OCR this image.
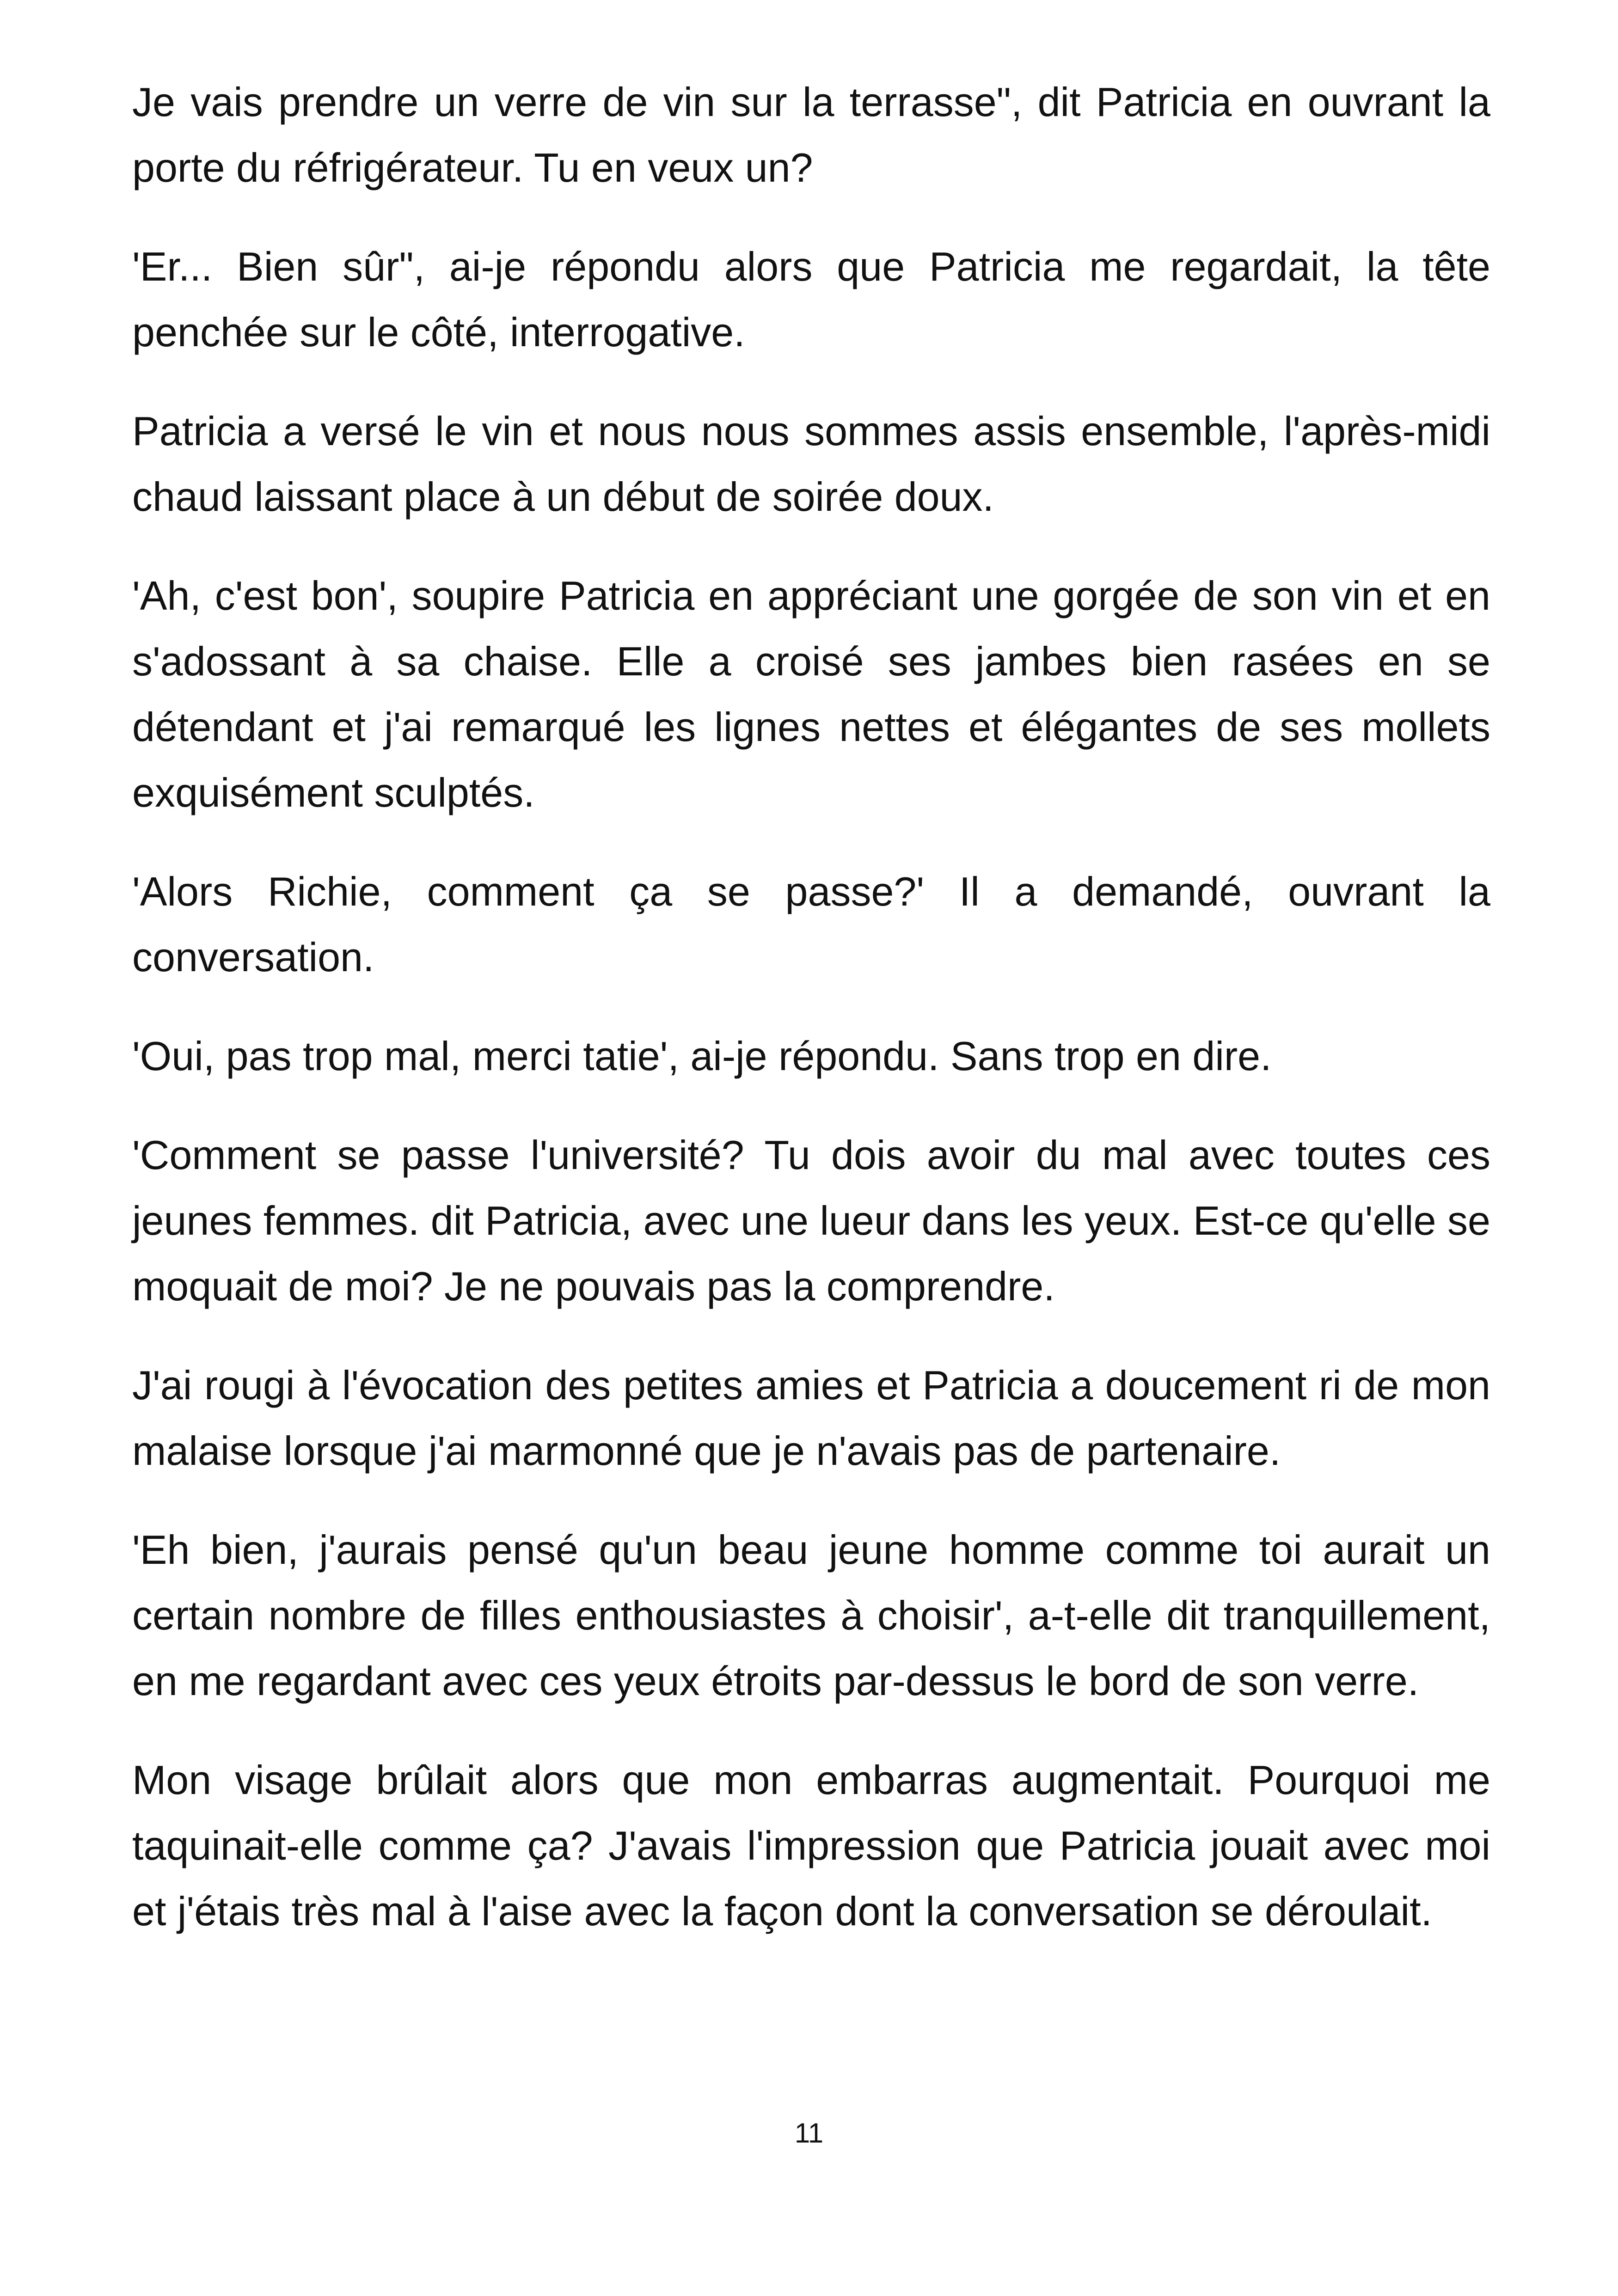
Je vais prendre un verre de vin sur la terrasse", dit Patricia en ouvrant la porte du réfrigérateur. Tu en veux un?

'Er... Bien sûr", ai-je répondu alors que Patricia me regardait, la tête penchée sur le côté, interrogative.

Patricia a versé le vin et nous nous sommes assis ensemble, l'après-midi chaud laissant place à un début de soirée doux.

'Ah, c'est bon', soupire Patricia en appréciant une gorgée de son vin et en s'adossant à sa chaise. Elle a croisé ses jambes bien rasées en se détendant et j'ai remarqué les lignes nettes et élégantes de ses mollets exquisément sculptés.

'Alors Richie, comment ça se passe?' Il a demandé, ouvrant la conversation.

'Oui, pas trop mal, merci tatie', ai-je répondu. Sans trop en dire.

'Comment se passe l'université? Tu dois avoir du mal avec toutes ces jeunes femmes. dit Patricia, avec une lueur dans les yeux. Est-ce qu'elle se moquait de moi? Je ne pouvais pas la comprendre.

J'ai rougi à l'évocation des petites amies et Patricia a doucement ri de mon malaise lorsque j'ai marmonné que je n'avais pas de partenaire.

'Eh bien, j'aurais pensé qu'un beau jeune homme comme toi aurait un certain nombre de filles enthousiastes à choisir', a-t-elle dit tranquillement, en me regardant avec ces yeux étroits par-dessus le bord de son verre.

Mon visage brûlait alors que mon embarras augmentait. Pourquoi me taquinait-elle comme ça? J'avais l'impression que Patricia jouait avec moi et j'étais très mal à l'aise avec la façon dont la conversation se déroulait.

11
